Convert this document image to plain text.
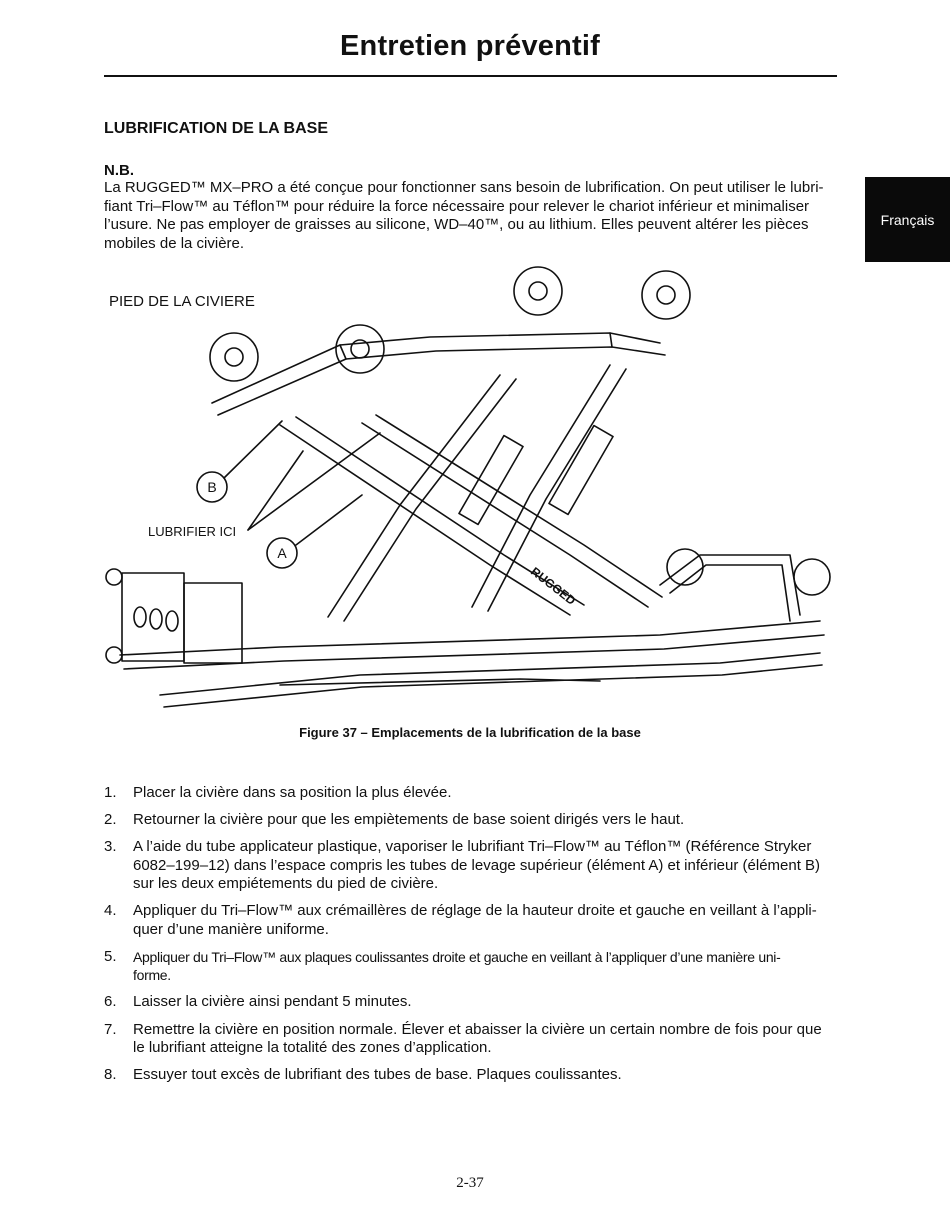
Entretien préventif
Français
LUBRIFICATION DE LA BASE
N.B.
La RUGGED™ MX–PRO a été conçue pour fonctionner sans besoin de lubrification. On peut utiliser le lubri-
fiant Tri–Flow™ au Téflon™ pour réduire la force nécessaire pour relever le chariot inférieur et minimaliser
l’usure. Ne pas employer de graisses au silicone, WD–40™, ou au lithium. Elles peuvent altérer les pièces
mobiles de la civière.
PIED DE LA CIVIERE
LUBRIFIER ICI
B
A
RUGGED
Figure 37 – Emplacements de la lubrification de la base
1. Placer la civière dans sa position la plus élevée.
2. Retourner la civière pour que les empiètements de base soient dirigés vers le haut.
3. A l’aide du tube applicateur plastique, vaporiser le lubrifiant Tri–Flow™ au Téflon™ (Référence Stryker
6082–199–12) dans l’espace compris les tubes de levage supérieur (élément A) et inférieur (élément B)
sur les deux empiétements du pied de civière.
4. Appliquer du Tri–Flow™ aux crémaillères de réglage de la hauteur droite et gauche en veillant à l’appli-
quer d’une manière uniforme.
5. Appliquer du Tri–Flow™ aux plaques coulissantes droite et gauche en veillant à l’appliquer d’une manière uni-
forme.
6. Laisser la civière ainsi pendant 5 minutes.
7. Remettre la civière en position normale. Élever et abaisser la civière un certain nombre de fois pour que
le lubrifiant atteigne la totalité des zones d’application.
8. Essuyer tout excès de lubrifiant des tubes de base. Plaques coulissantes.
2-37
